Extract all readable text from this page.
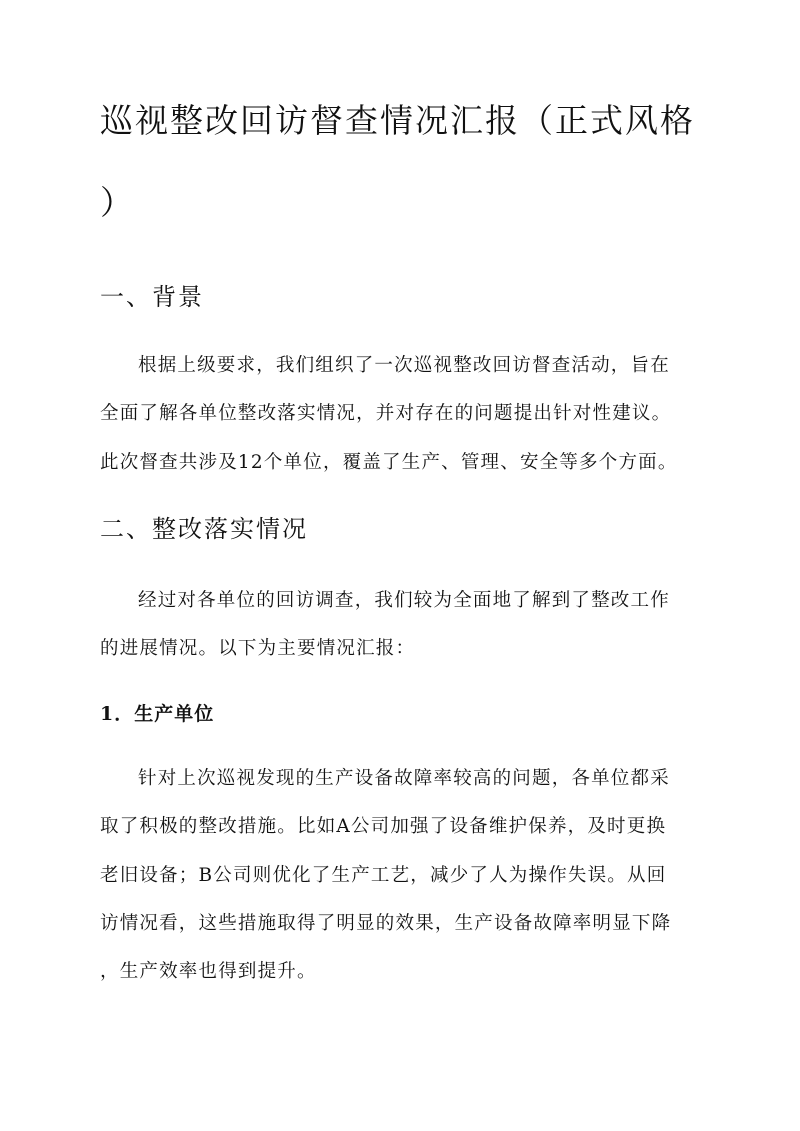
巡视整改回访督查情况汇报（正式风格
）
一、背景
根据上级要求，我们组织了一次巡视整改回访督查活动，旨在
全面了解各单位整改落实情况，并对存在的问题提出针对性建议。
此次督查共涉及12个单位，覆盖了生产、管理、安全等多个方面。
二、整改落实情况
经过对各单位的回访调查，我们较为全面地了解到了整改工作
的进展情况。以下为主要情况汇报：
1．生产单位
针对上次巡视发现的生产设备故障率较高的问题，各单位都采
取了积极的整改措施。比如A公司加强了设备维护保养，及时更换
老旧设备；B公司则优化了生产工艺，减少了人为操作失误。从回
访情况看，这些措施取得了明显的效果，生产设备故障率明显下降
，生产效率也得到提升。
